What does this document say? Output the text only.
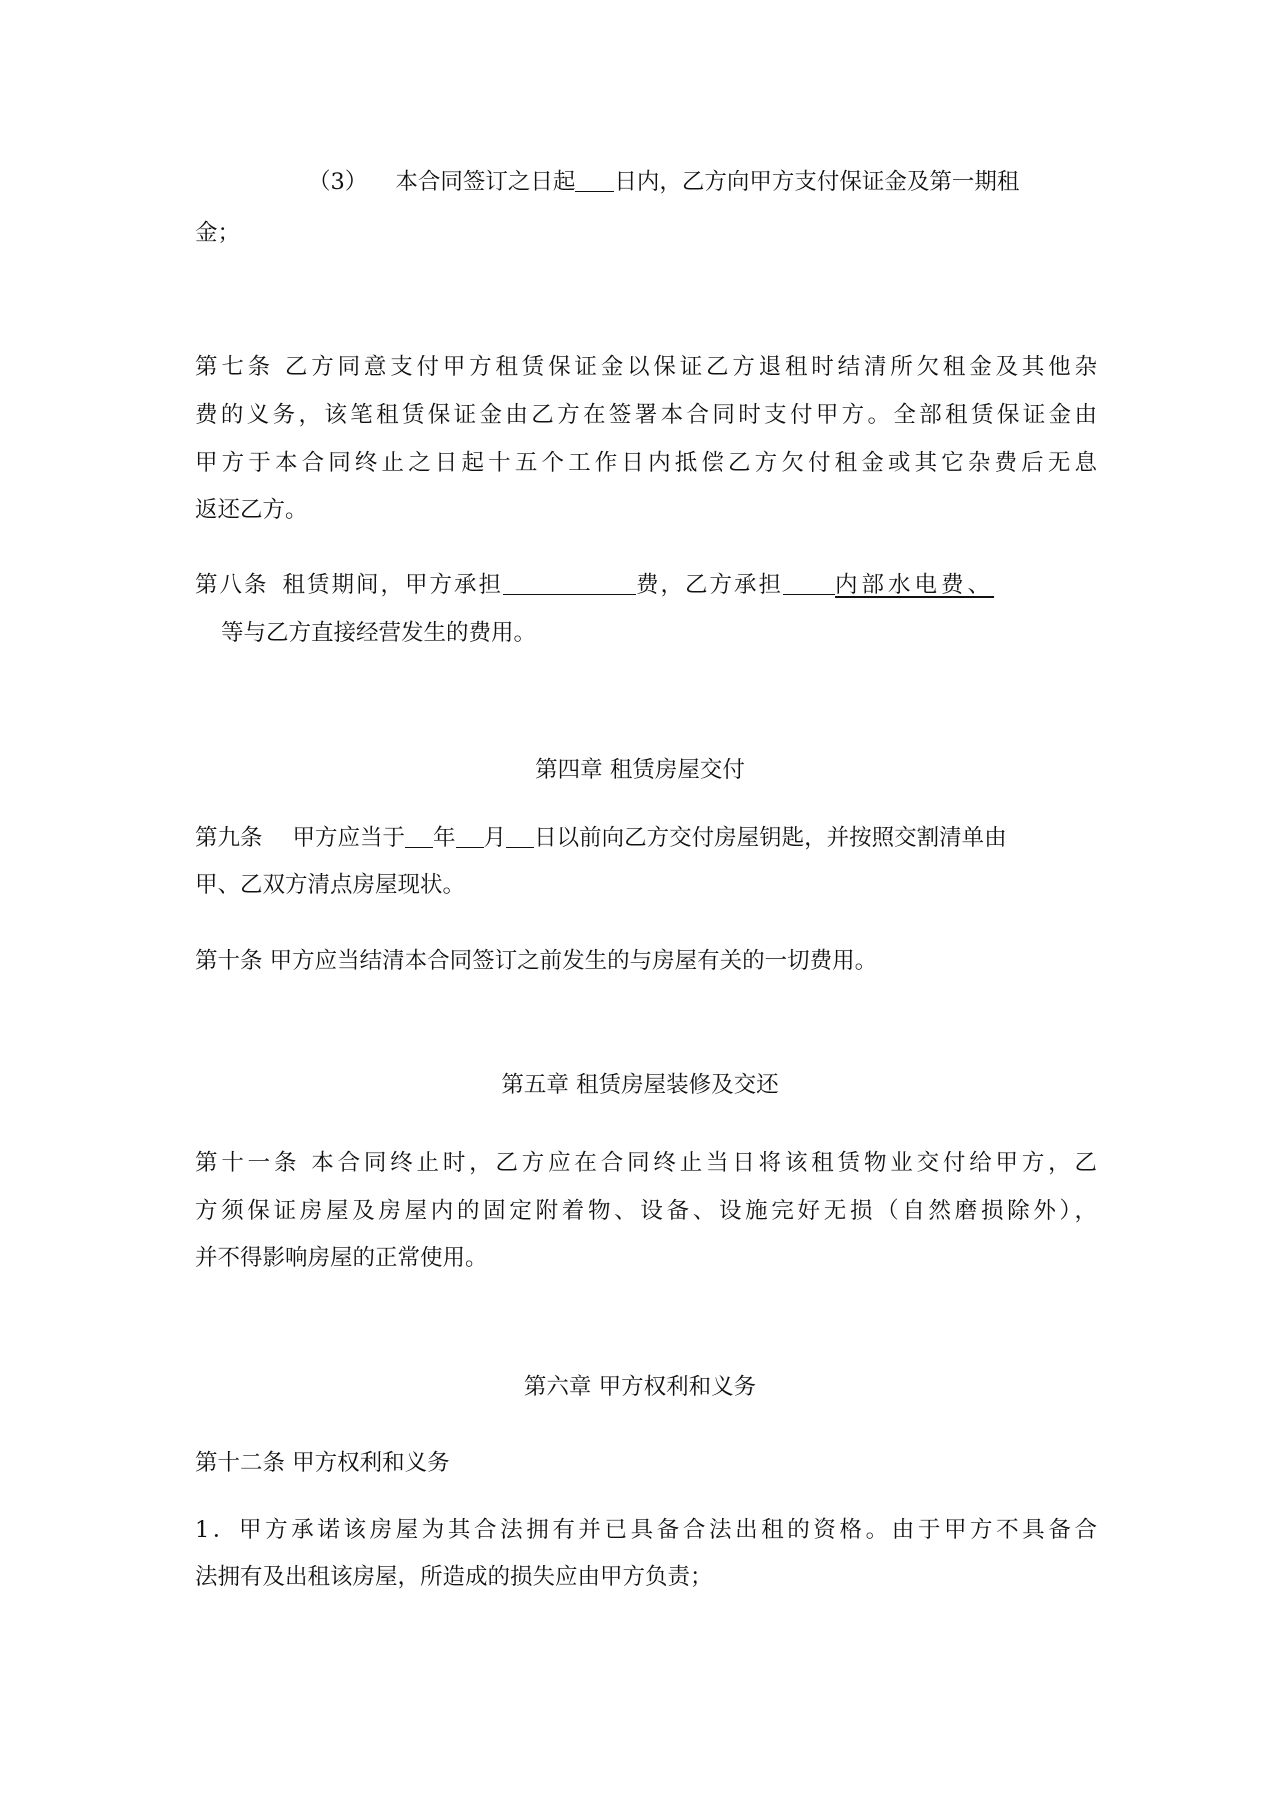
（3） 本合同签订之日起 日内，乙方向甲方支付保证金及第一期租
金；
第七条 乙方同意支付甲方租赁保证金以保证乙方退租时结清所欠租金及其他杂
费的义务，该笔租赁保证金由乙方在签署本合同时支付甲方。全部租赁保证金由
甲方于本合同终止之日起十五个工作日内抵偿乙方欠付租金或其它杂费后无息
返还乙方。
第八条 租赁期间，甲方承担	费，乙方承担 内部水电费、
等与乙方直接经营发生的费用。
第四章 租赁房屋交付
第九条 甲方应当于 年 月 日以前向乙方交付房屋钥匙，并按照交割清单由
甲、乙双方清点房屋现状。
第十条 甲方应当结清本合同签订之前发生的与房屋有关的一切费用。
第五章 租赁房屋装修及交还
第十一条 本合同终止时，乙方应在合同终止当日将该租赁物业交付给甲方，乙
方须保证房屋及房屋内的固定附着物、设备、设施完好无损（自然磨损除外），
并不得影响房屋的正常使用。
第六章 甲方权利和义务
第十二条 甲方权利和义务
1．甲方承诺该房屋为其合法拥有并已具备合法出租的资格。由于甲方不具备合
法拥有及出租该房屋，所造成的损失应由甲方负责；
